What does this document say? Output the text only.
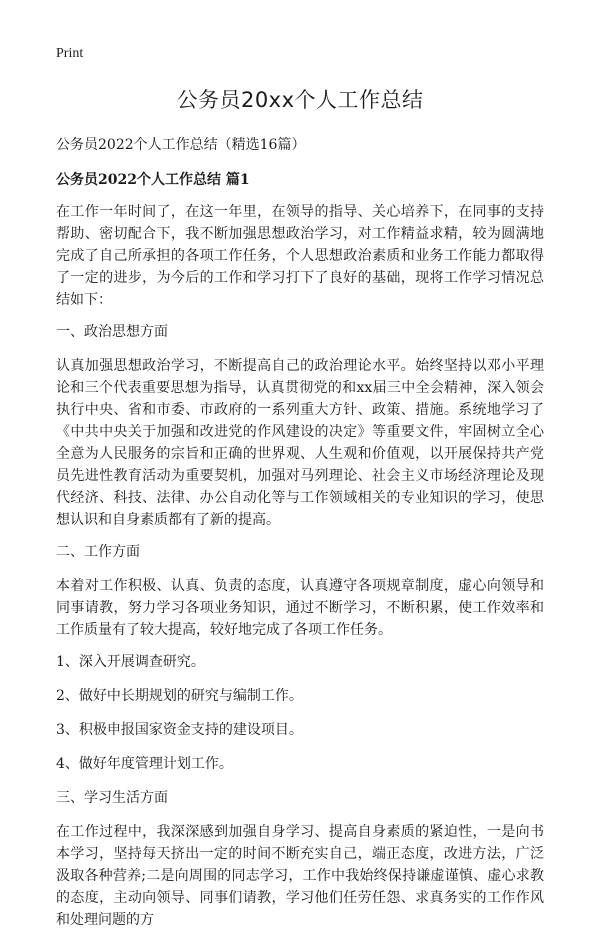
Print
公务员20xx个人工作总结

公务员2022个人工作总结（精选16篇）

公务员2022个人工作总结 篇1

在工作一年时间了，在这一年里，在领导的指导、关心培养下，在同事的支持帮助、密切配合下，我不断加强思想政治学习，对工作精益求精，较为圆满地完成了自己所承担的各项工作任务，个人思想政治素质和业务工作能力都取得了一定的进步，为今后的工作和学习打下了良好的基础，现将工作学习情况总结如下：

一、政治思想方面

认真加强思想政治学习，不断提高自己的政治理论水平。始终坚持以邓小平理论和三个代表重要思想为指导，认真贯彻党的和xx届三中全会精神，深入领会执行中央、省和市委、市政府的一系列重大方针、政策、措施。系统地学习了《中共中央关于加强和改进党的作风建设的决定》等重要文件，牢固树立全心全意为人民服务的宗旨和正确的世界观、人生观和价值观，以开展保持共产党员先进性教育活动为重要契机，加强对马列理论、社会主义市场经济理论及现代经济、科技、法律、办公自动化等与工作领域相关的专业知识的学习，使思想认识和自身素质都有了新的提高。

二、工作方面

本着对工作积极、认真、负责的态度，认真遵守各项规章制度，虚心向领导和同事请教，努力学习各项业务知识，通过不断学习，不断积累，使工作效率和工作质量有了较大提高，较好地完成了各项工作任务。

1、深入开展调查研究。

2、做好中长期规划的研究与编制工作。

3、积极申报国家资金支持的建设项目。

4、做好年度管理计划工作。

三、学习生活方面

在工作过程中，我深深感到加强自身学习、提高自身素质的紧迫性，一是向书本学习，坚持每天挤出一定的时间不断充实自己，端正态度，改进方法，广泛汲取各种营养;二是向周围的同志学习，工作中我始终保持谦虚谨慎、虚心求教的态度，主动向领导、同事们请教，学习他们任劳任怨、求真务实的工作作风和处理问题的方
